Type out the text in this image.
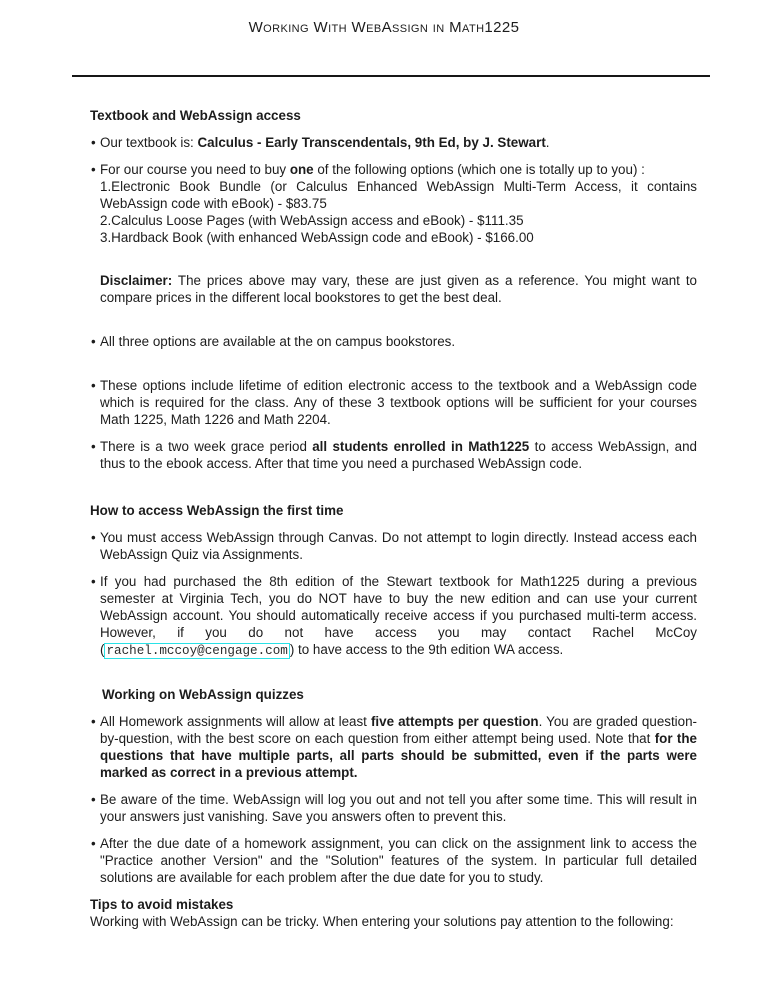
Working With WebAssign in Math1225
Textbook and WebAssign access
• Our textbook is: Calculus - Early Transcendentals, 9th Ed, by J. Stewart.
• For our course you need to buy one of the following options (which one is totally up to you) :
1.Electronic Book Bundle (or Calculus Enhanced WebAssign Multi-Term Access, it contains WebAssign code with eBook) - $83.75
2.Calculus Loose Pages (with WebAssign access and eBook) - $111.35
3.Hardback Book (with enhanced WebAssign code and eBook) - $166.00
Disclaimer: The prices above may vary, these are just given as a reference. You might want to compare prices in the different local bookstores to get the best deal.
• All three options are available at the on campus bookstores.
• These options include lifetime of edition electronic access to the textbook and a WebAssign code which is required for the class. Any of these 3 textbook options will be sufficient for your courses Math 1225, Math 1226 and Math 2204.
• There is a two week grace period all students enrolled in Math1225 to access WebAssign, and thus to the ebook access. After that time you need a purchased WebAssign code.
How to access WebAssign the first time
• You must access WebAssign through Canvas. Do not attempt to login directly. Instead access each WebAssign Quiz via Assignments.
• If you had purchased the 8th edition of the Stewart textbook for Math1225 during a previous semester at Virginia Tech, you do NOT have to buy the new edition and can use your current WebAssign account. You should automatically receive access if you purchased multi-term access. However, if you do not have access you may contact Rachel McCoy ( rachel.mccoy@cengage.com ) to have access to the 9th edition WA access.
Working on WebAssign quizzes
• All Homework assignments will allow at least five attempts per question. You are graded question-by-question, with the best score on each question from either attempt being used. Note that for the questions that have multiple parts, all parts should be submitted, even if the parts were marked as correct in a previous attempt.
• Be aware of the time. WebAssign will log you out and not tell you after some time. This will result in your answers just vanishing. Save you answers often to prevent this.
• After the due date of a homework assignment, you can click on the assignment link to access the "Practice another Version" and the "Solution" features of the system. In particular full detailed solutions are available for each problem after the due date for you to study.
Tips to avoid mistakes
Working with WebAssign can be tricky. When entering your solutions pay attention to the following:
